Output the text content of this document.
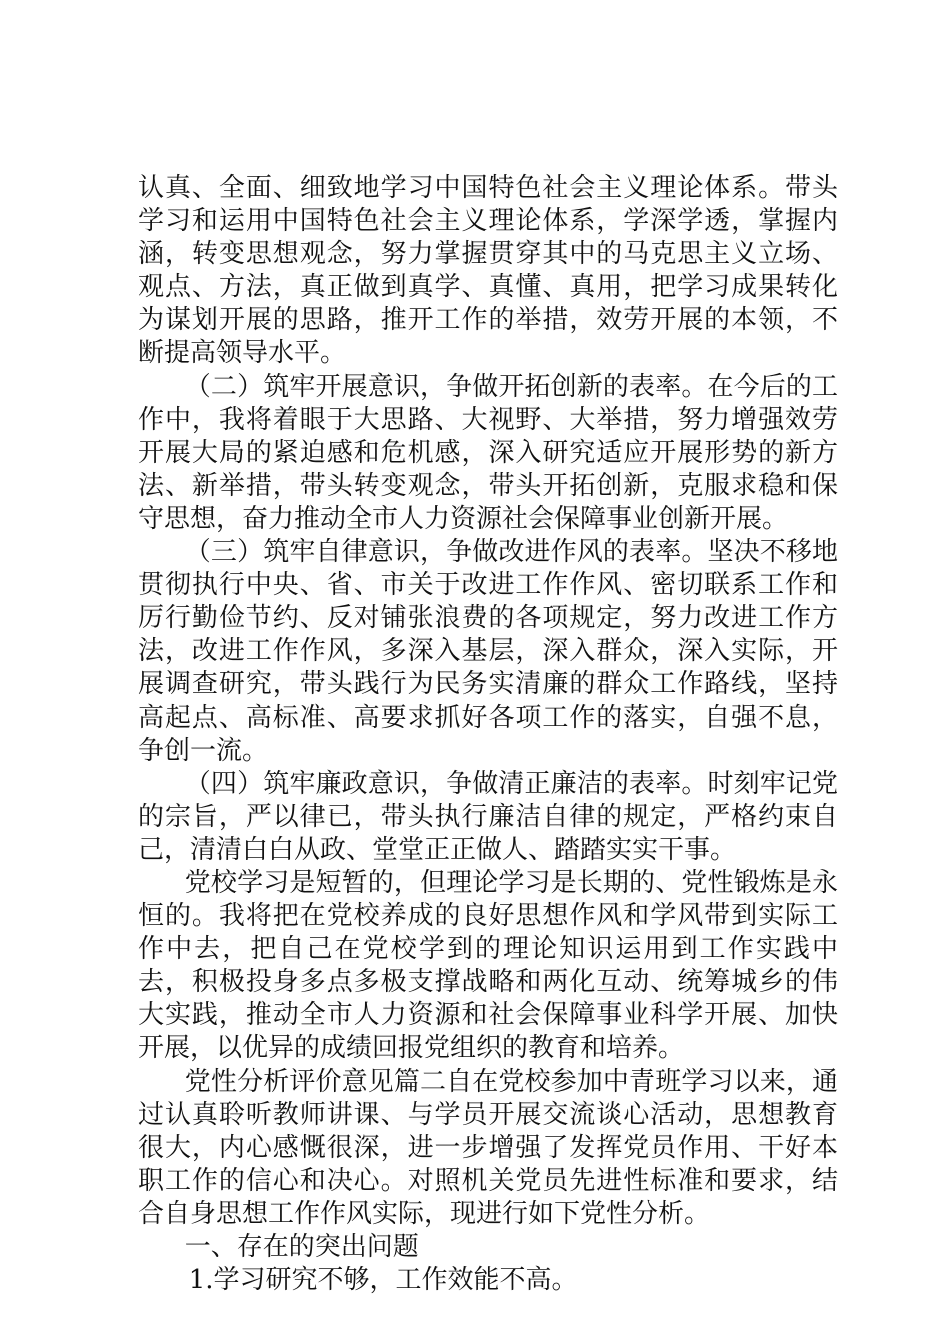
认真、全面、细致地学习中国特色社会主义理论体系。带头学习和运用中国特色社会主义理论体系，学深学透，掌握内涵，转变思想观念，努力掌握贯穿其中的马克思主义立场、观点、方法，真正做到真学、真懂、真用，把学习成果转化为谋划开展的思路，推开工作的举措，效劳开展的本领，不断提高领导水平。

（二）筑牢开展意识，争做开拓创新的表率。在今后的工作中，我将着眼于大思路、大视野、大举措，努力增强效劳开展大局的紧迫感和危机感，深入研究适应开展形势的新方法、新举措，带头转变观念，带头开拓创新，克服求稳和保守思想，奋力推动全市人力资源社会保障事业创新开展。

（三）筑牢自律意识，争做改进作风的表率。坚决不移地贯彻执行中央、省、市关于改进工作作风、密切联系工作和厉行勤俭节约、反对铺张浪费的各项规定，努力改进工作方法，改进工作作风，多深入基层，深入群众，深入实际，开展调查研究，带头践行为民务实清廉的群众工作路线，坚持高起点、高标准、高要求抓好各项工作的落实，自强不息，争创一流。

（四）筑牢廉政意识，争做清正廉洁的表率。时刻牢记党的宗旨，严以律已，带头执行廉洁自律的规定，严格约束自己，清清白白从政、堂堂正正做人、踏踏实实干事。

党校学习是短暂的，但理论学习是长期的、党性锻炼是永恒的。我将把在党校养成的良好思想作风和学风带到实际工作中去，把自己在党校学到的理论知识运用到工作实践中去，积极投身多点多极支撑战略和两化互动、统筹城乡的伟大实践，推动全市人力资源和社会保障事业科学开展、加快开展，以优异的成绩回报党组织的教育和培养。

党性分析评价意见篇二自在党校参加中青班学习以来，通过认真聆听教师讲课、与学员开展交流谈心活动，思想教育很大，内心感慨很深，进一步增强了发挥党员作用、干好本职工作的信心和决心。对照机关党员先进性标准和要求，结合自身思想工作作风实际，现进行如下党性分析。

一、存在的突出问题

1.学习研究不够，工作效能不高。
